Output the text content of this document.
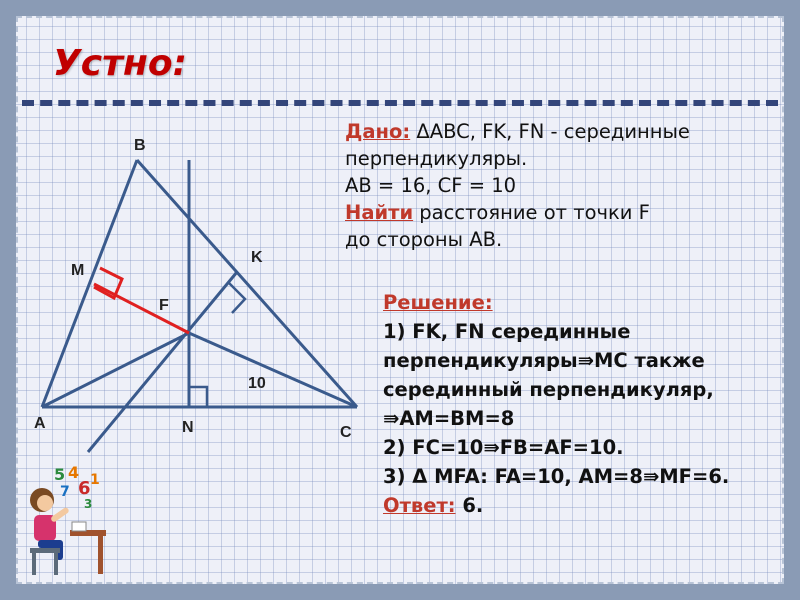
Устно:
B
K
M
F
A	N	C
10
Дано: ΔABC, FK, FN - серединные
перпендикуляры.
АВ = 16, СF = 10
Найти расстояние от точки F
до стороны АВ.
Решение:
1) FK, FN серединные
перпендикуляры⇛МС также
серединный перпендикуляр,
⇛АМ=ВМ=8
2) FC=10⇛FB=AF=10.
3) Δ MFA: FA=10, АМ=8⇛MF=6.
Ответ: 6.
5 4
6
7
1
3
